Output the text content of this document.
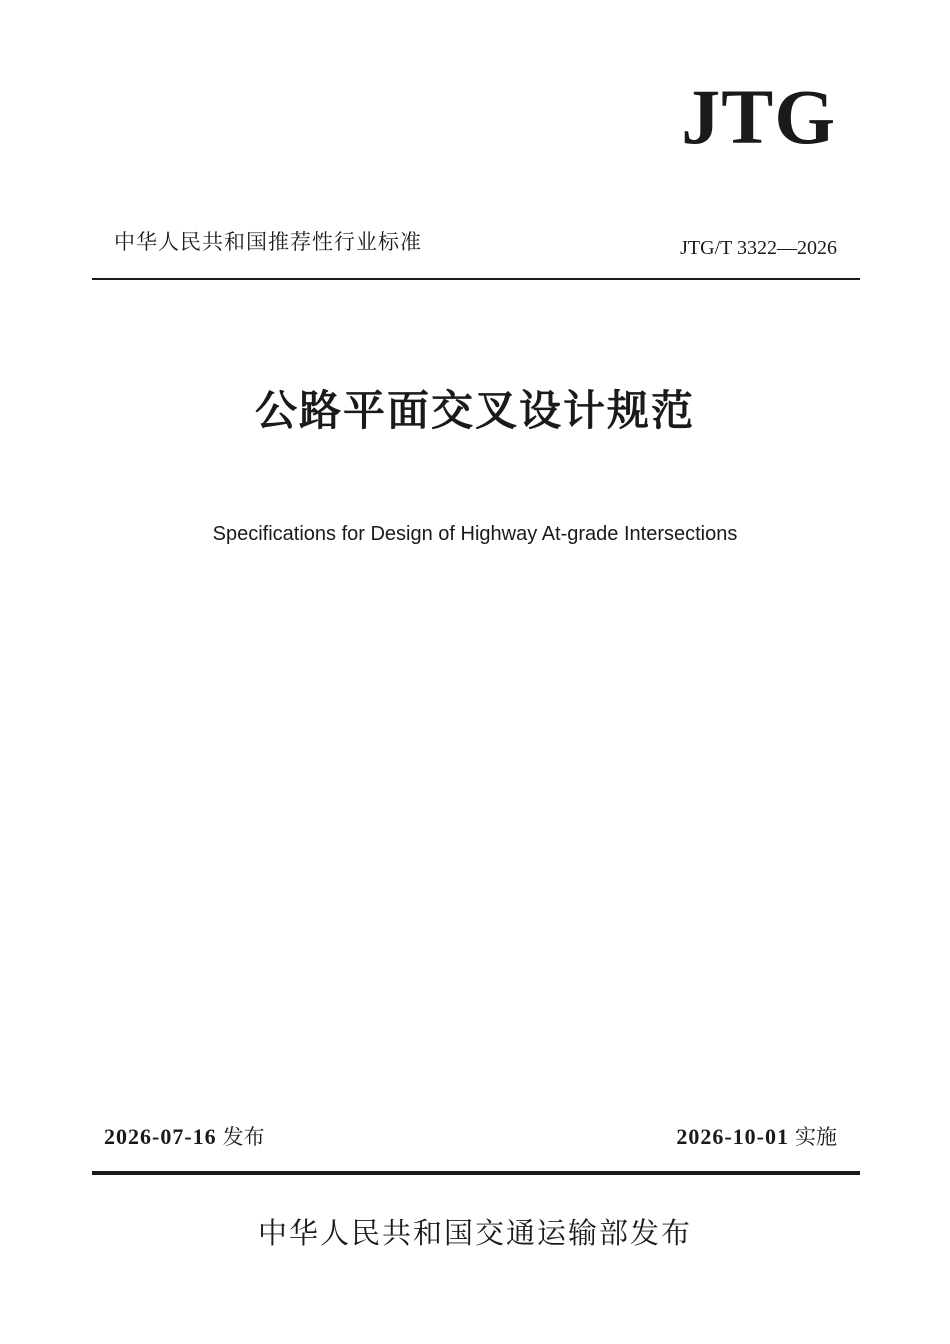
JTG
中华人民共和国推荐性行业标准	JTG/T 3322—2026
公路平面交叉设计规范
Specifications for Design of Highway At-grade Intersections
2026-07-16 发布	2026-10-01 实施
中华人民共和国交通运输部发布
